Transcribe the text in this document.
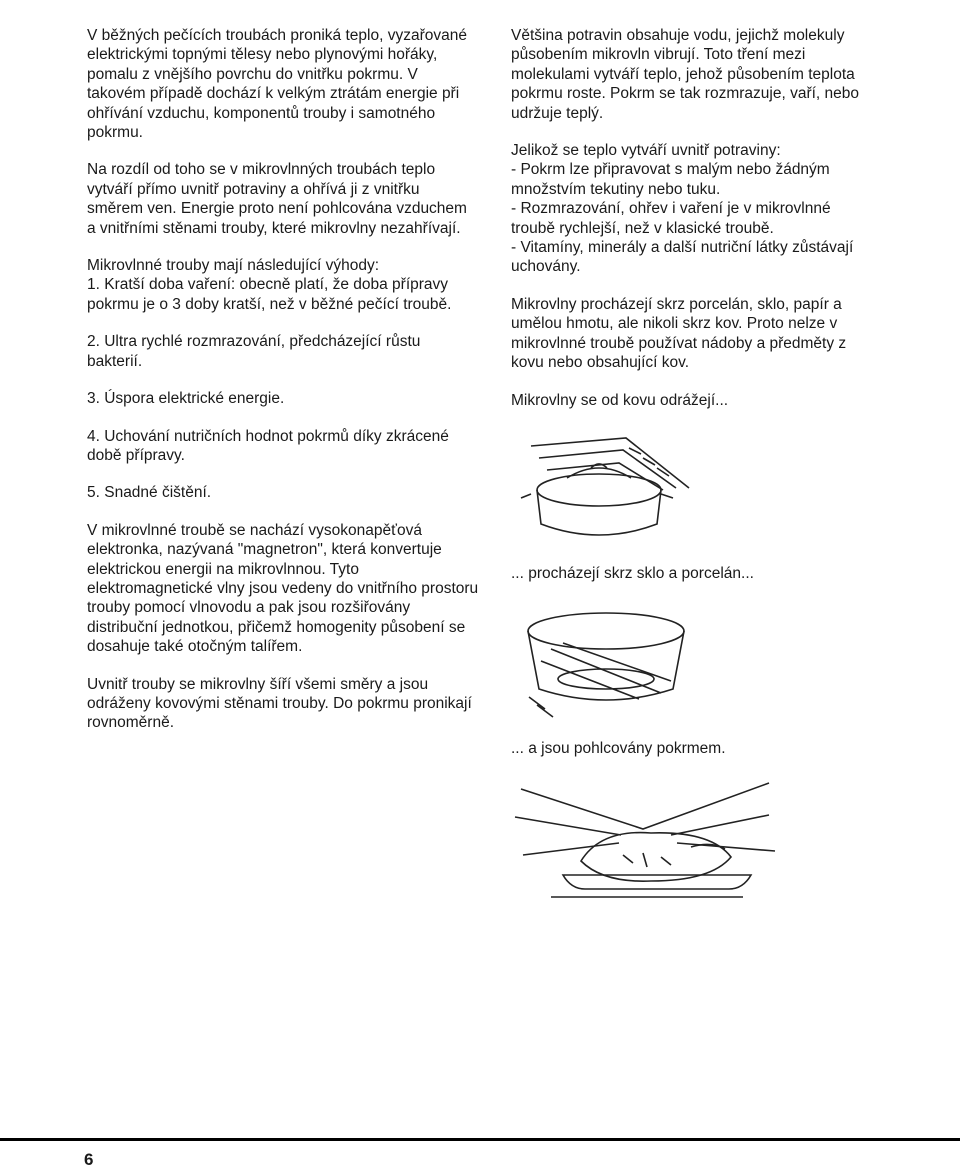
V běžných pečících troubách proniká teplo, vyzařované elektrickými topnými tělesy nebo plynovými hořáky, pomalu z vnějšího povrchu do vnitřku pokrmu. V takovém případě dochází k velkým ztrátám energie při ohřívání vzduchu, komponentů trouby i samotného pokrmu.

Na rozdíl od toho se v mikrovlnných troubách teplo vytváří přímo uvnitř potraviny a ohřívá ji z vnitřku směrem ven. Energie proto není pohlcována vzduchem a vnitřními stěnami trouby, které mikrovlny nezahřívají.

Mikrovlnné trouby mají následující výhody:
1. Kratší doba vaření: obecně platí, že doba přípravy pokrmu je o 3 doby kratší, než v běžné pečící troubě.

2. Ultra rychlé rozmrazování, předcházející růstu bakterií.

3. Úspora elektrické energie.

4. Uchování nutričních hodnot pokrmů díky zkrácené době přípravy.

5. Snadné čištění.

V mikrovlnné troubě se nachází vysokonapěťová elektronka, nazývaná "magnetron", která konvertuje elektrickou energii na mikrovlnnou. Tyto elektromagnetické vlny jsou vedeny do vnitřního prostoru trouby pomocí vlnovodu a pak jsou rozšiřovány distribuční jednotkou, přičemž homogenity působení se dosahuje také otočným talířem.

Uvnitř trouby se mikrovlny šíří všemi směry a jsou odráženy kovovými stěnami trouby. Do pokrmu pronikají rovnoměrně.

Většina potravin obsahuje vodu, jejichž molekuly působením mikrovln vibrují. Toto tření mezi molekulami vytváří teplo, jehož působením teplota pokrmu roste. Pokrm se tak rozmrazuje, vaří, nebo udržuje teplý.

Jelikož se teplo vytváří uvnitř potraviny:
- Pokrm lze připravovat s malým nebo žádným množstvím tekutiny nebo tuku.
- Rozmrazování, ohřev i vaření je v mikrovlnné troubě rychlejší, než v klasické troubě.
- Vitamíny, minerály a další nutriční látky zůstávají uchovány.

Mikrovlny procházejí skrz porcelán, sklo, papír a umělou hmotu, ale nikoli skrz kov. Proto nelze v mikrovlnné troubě používat nádoby a předměty z kovu nebo obsahující kov.

Mikrovlny se od kovu odrážejí...

... procházejí skrz sklo a porcelán...

... a jsou pohlcovány pokrmem.

6
